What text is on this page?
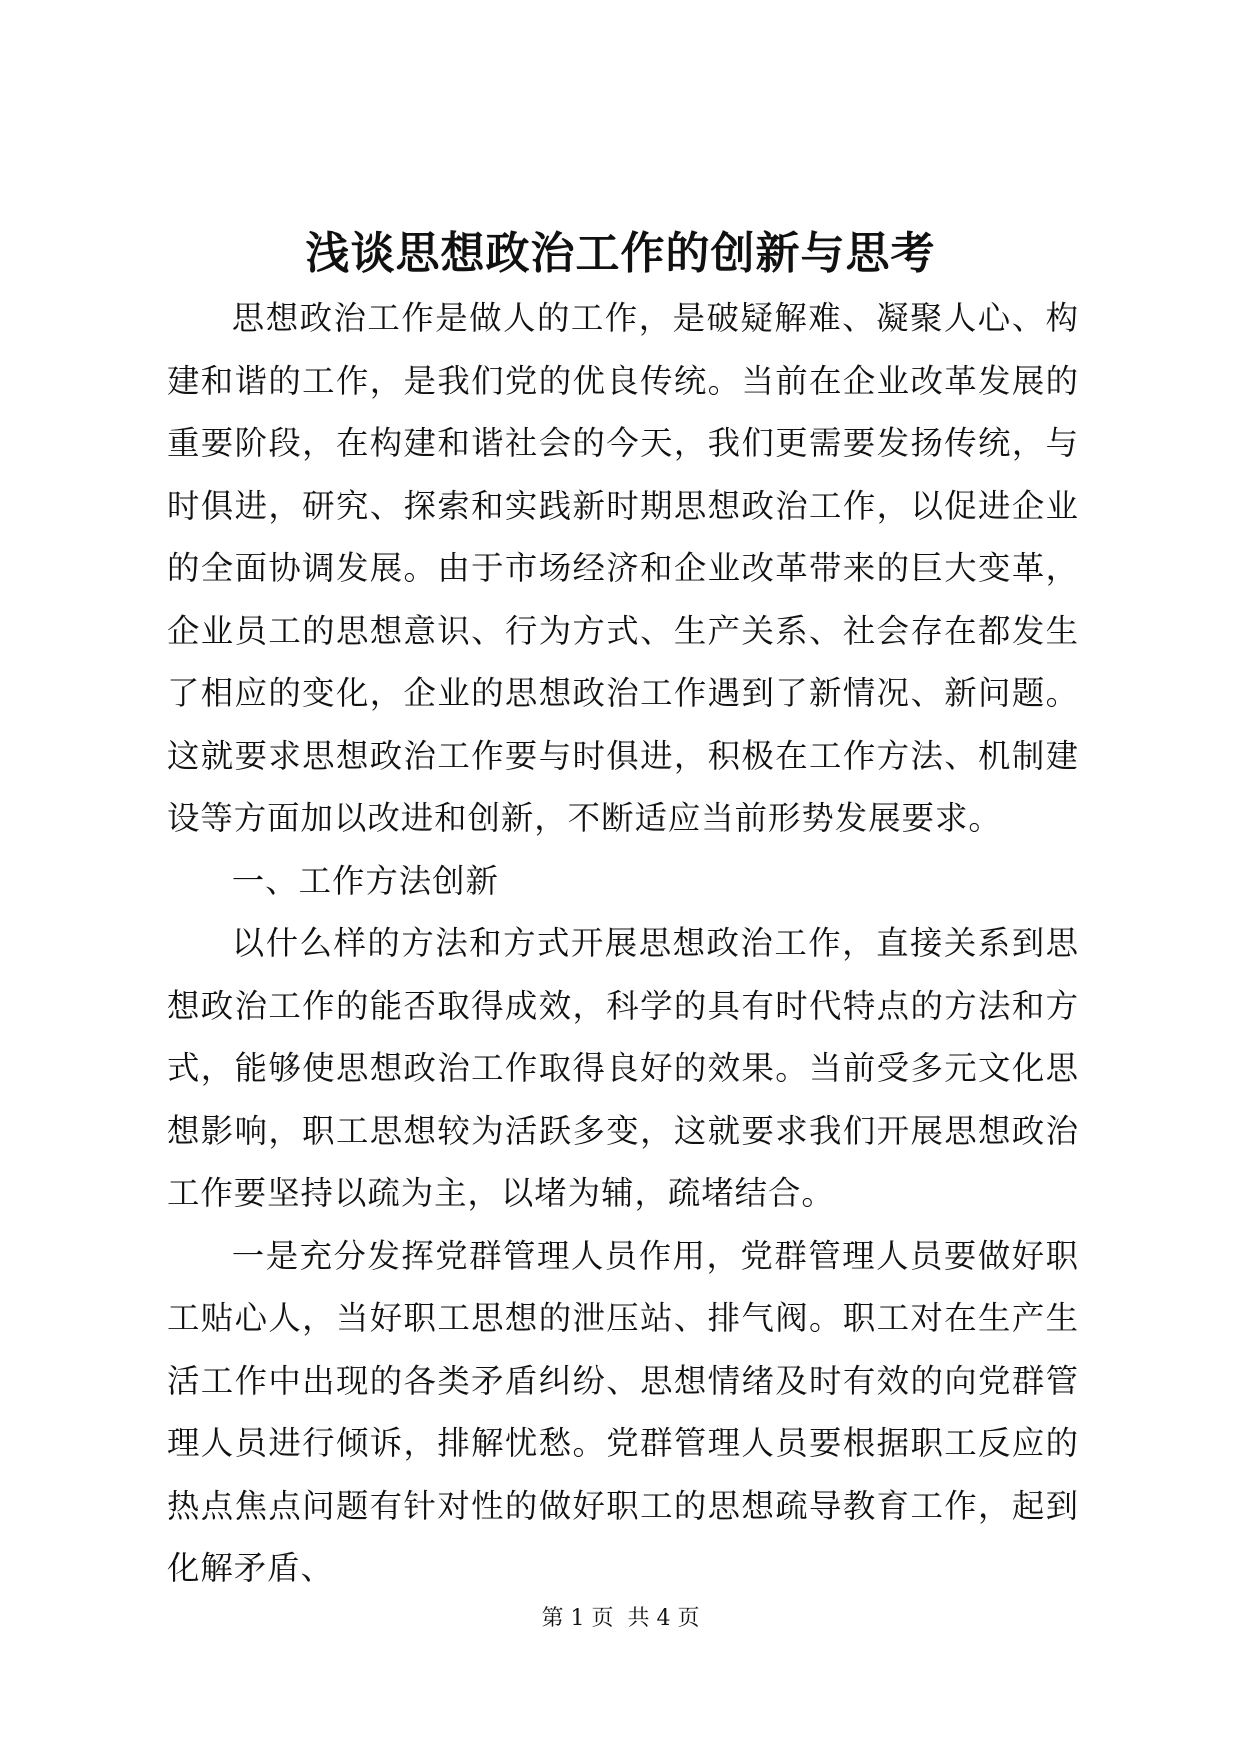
浅谈思想政治工作的创新与思考

思想政治工作是做人的工作，是破疑解难、凝聚人心、构建和谐的工作，是我们党的优良传统。当前在企业改革发展的重要阶段，在构建和谐社会的今天，我们更需要发扬传统，与时俱进，研究、探索和实践新时期思想政治工作，以促进企业的全面协调发展。由于市场经济和企业改革带来的巨大变革，企业员工的思想意识、行为方式、生产关系、社会存在都发生了相应的变化，企业的思想政治工作遇到了新情况、新问题。这就要求思想政治工作要与时俱进，积极在工作方法、机制建设等方面加以改进和创新，不断适应当前形势发展要求。

一、工作方法创新

以什么样的方法和方式开展思想政治工作，直接关系到思想政治工作的能否取得成效，科学的具有时代特点的方法和方式，能够使思想政治工作取得良好的效果。当前受多元文化思想影响，职工思想较为活跃多变，这就要求我们开展思想政治工作要坚持以疏为主，以堵为辅，疏堵结合。

一是充分发挥党群管理人员作用，党群管理人员要做好职工贴心人，当好职工思想的泄压站、排气阀。职工对在生产生活工作中出现的各类矛盾纠纷、思想情绪及时有效的向党群管理人员进行倾诉，排解忧愁。党群管理人员要根据职工反应的热点焦点问题有针对性的做好职工的思想疏导教育工作，起到化解矛盾、

第 1 页  共 4 页
